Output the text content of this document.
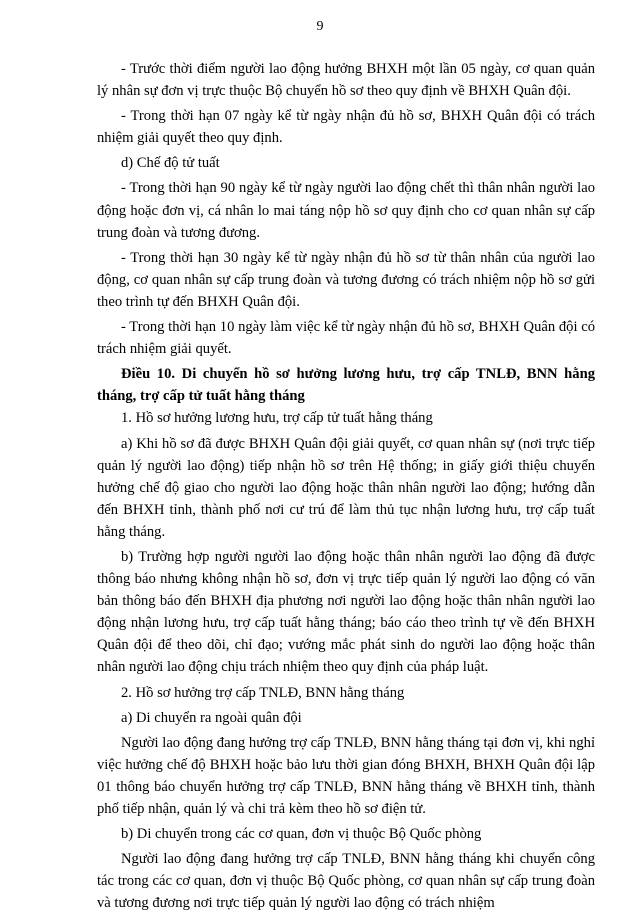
9

- Trước thời điểm người lao động hưởng BHXH một lần 05 ngày, cơ quan quản lý nhân sự đơn vị trực thuộc Bộ chuyển hồ sơ theo quy định về BHXH Quân đội.

- Trong thời hạn 07 ngày kể từ ngày nhận đủ hồ sơ, BHXH Quân đội có trách nhiệm giải quyết theo quy định.

d) Chế độ tử tuất

- Trong thời hạn 90 ngày kể từ ngày người lao động chết thì thân nhân người lao động hoặc đơn vị, cá nhân lo mai táng nộp hồ sơ quy định cho cơ quan nhân sự cấp trung đoàn và tương đương.

- Trong thời hạn 30 ngày kể từ ngày nhận đủ hồ sơ từ thân nhân của người lao động, cơ quan nhân sự cấp trung đoàn và tương đương có trách nhiệm nộp hồ sơ gửi theo trình tự đến BHXH Quân đội.

- Trong thời hạn 10 ngày làm việc kể từ ngày nhận đủ hồ sơ, BHXH Quân đội có trách nhiệm giải quyết.

Điều 10. Di chuyển hồ sơ hưởng lương hưu, trợ cấp TNLĐ, BNN hằng tháng, trợ cấp tử tuất hằng tháng

1. Hồ sơ hưởng lương hưu, trợ cấp tử tuất hằng tháng

a) Khi hồ sơ đã được BHXH Quân đội giải quyết, cơ quan nhân sự (nơi trực tiếp quản lý người lao động) tiếp nhận hồ sơ trên Hệ thống; in giấy giới thiệu chuyển hưởng chế độ giao cho người lao động hoặc thân nhân người lao động; hướng dẫn đến BHXH tỉnh, thành phố nơi cư trú để làm thủ tục nhận lương hưu, trợ cấp tuất hằng tháng.

b) Trường hợp người người lao động hoặc thân nhân người lao động đã được thông báo nhưng không nhận hồ sơ, đơn vị trực tiếp quản lý người lao động có văn bản thông báo đến BHXH địa phương nơi người lao động hoặc thân nhân người lao động nhận lương hưu, trợ cấp tuất hằng tháng; báo cáo theo trình tự về đến BHXH Quân đội để theo dõi, chỉ đạo; vướng mắc phát sinh do người lao động hoặc thân nhân người lao động chịu trách nhiệm theo quy định của pháp luật.

2. Hồ sơ hưởng trợ cấp TNLĐ, BNN hằng tháng

a) Di chuyển ra ngoài quân đội

Người lao động đang hưởng trợ cấp TNLĐ, BNN hằng tháng tại đơn vị, khi nghỉ việc hưởng chế độ BHXH hoặc bảo lưu thời gian đóng BHXH, BHXH Quân đội lập 01 thông báo chuyển hưởng trợ cấp TNLĐ, BNN hằng tháng về BHXH tỉnh, thành phố tiếp nhận, quản lý và chi trả kèm theo hồ sơ điện tử.

b) Di chuyển trong các cơ quan, đơn vị thuộc Bộ Quốc phòng

Người lao động đang hưởng trợ cấp TNLĐ, BNN hằng tháng khi chuyển công tác trong các cơ quan, đơn vị thuộc Bộ Quốc phòng, cơ quan nhân sự cấp trung đoàn và tương đương nơi trực tiếp quản lý người lao động có trách nhiệm
